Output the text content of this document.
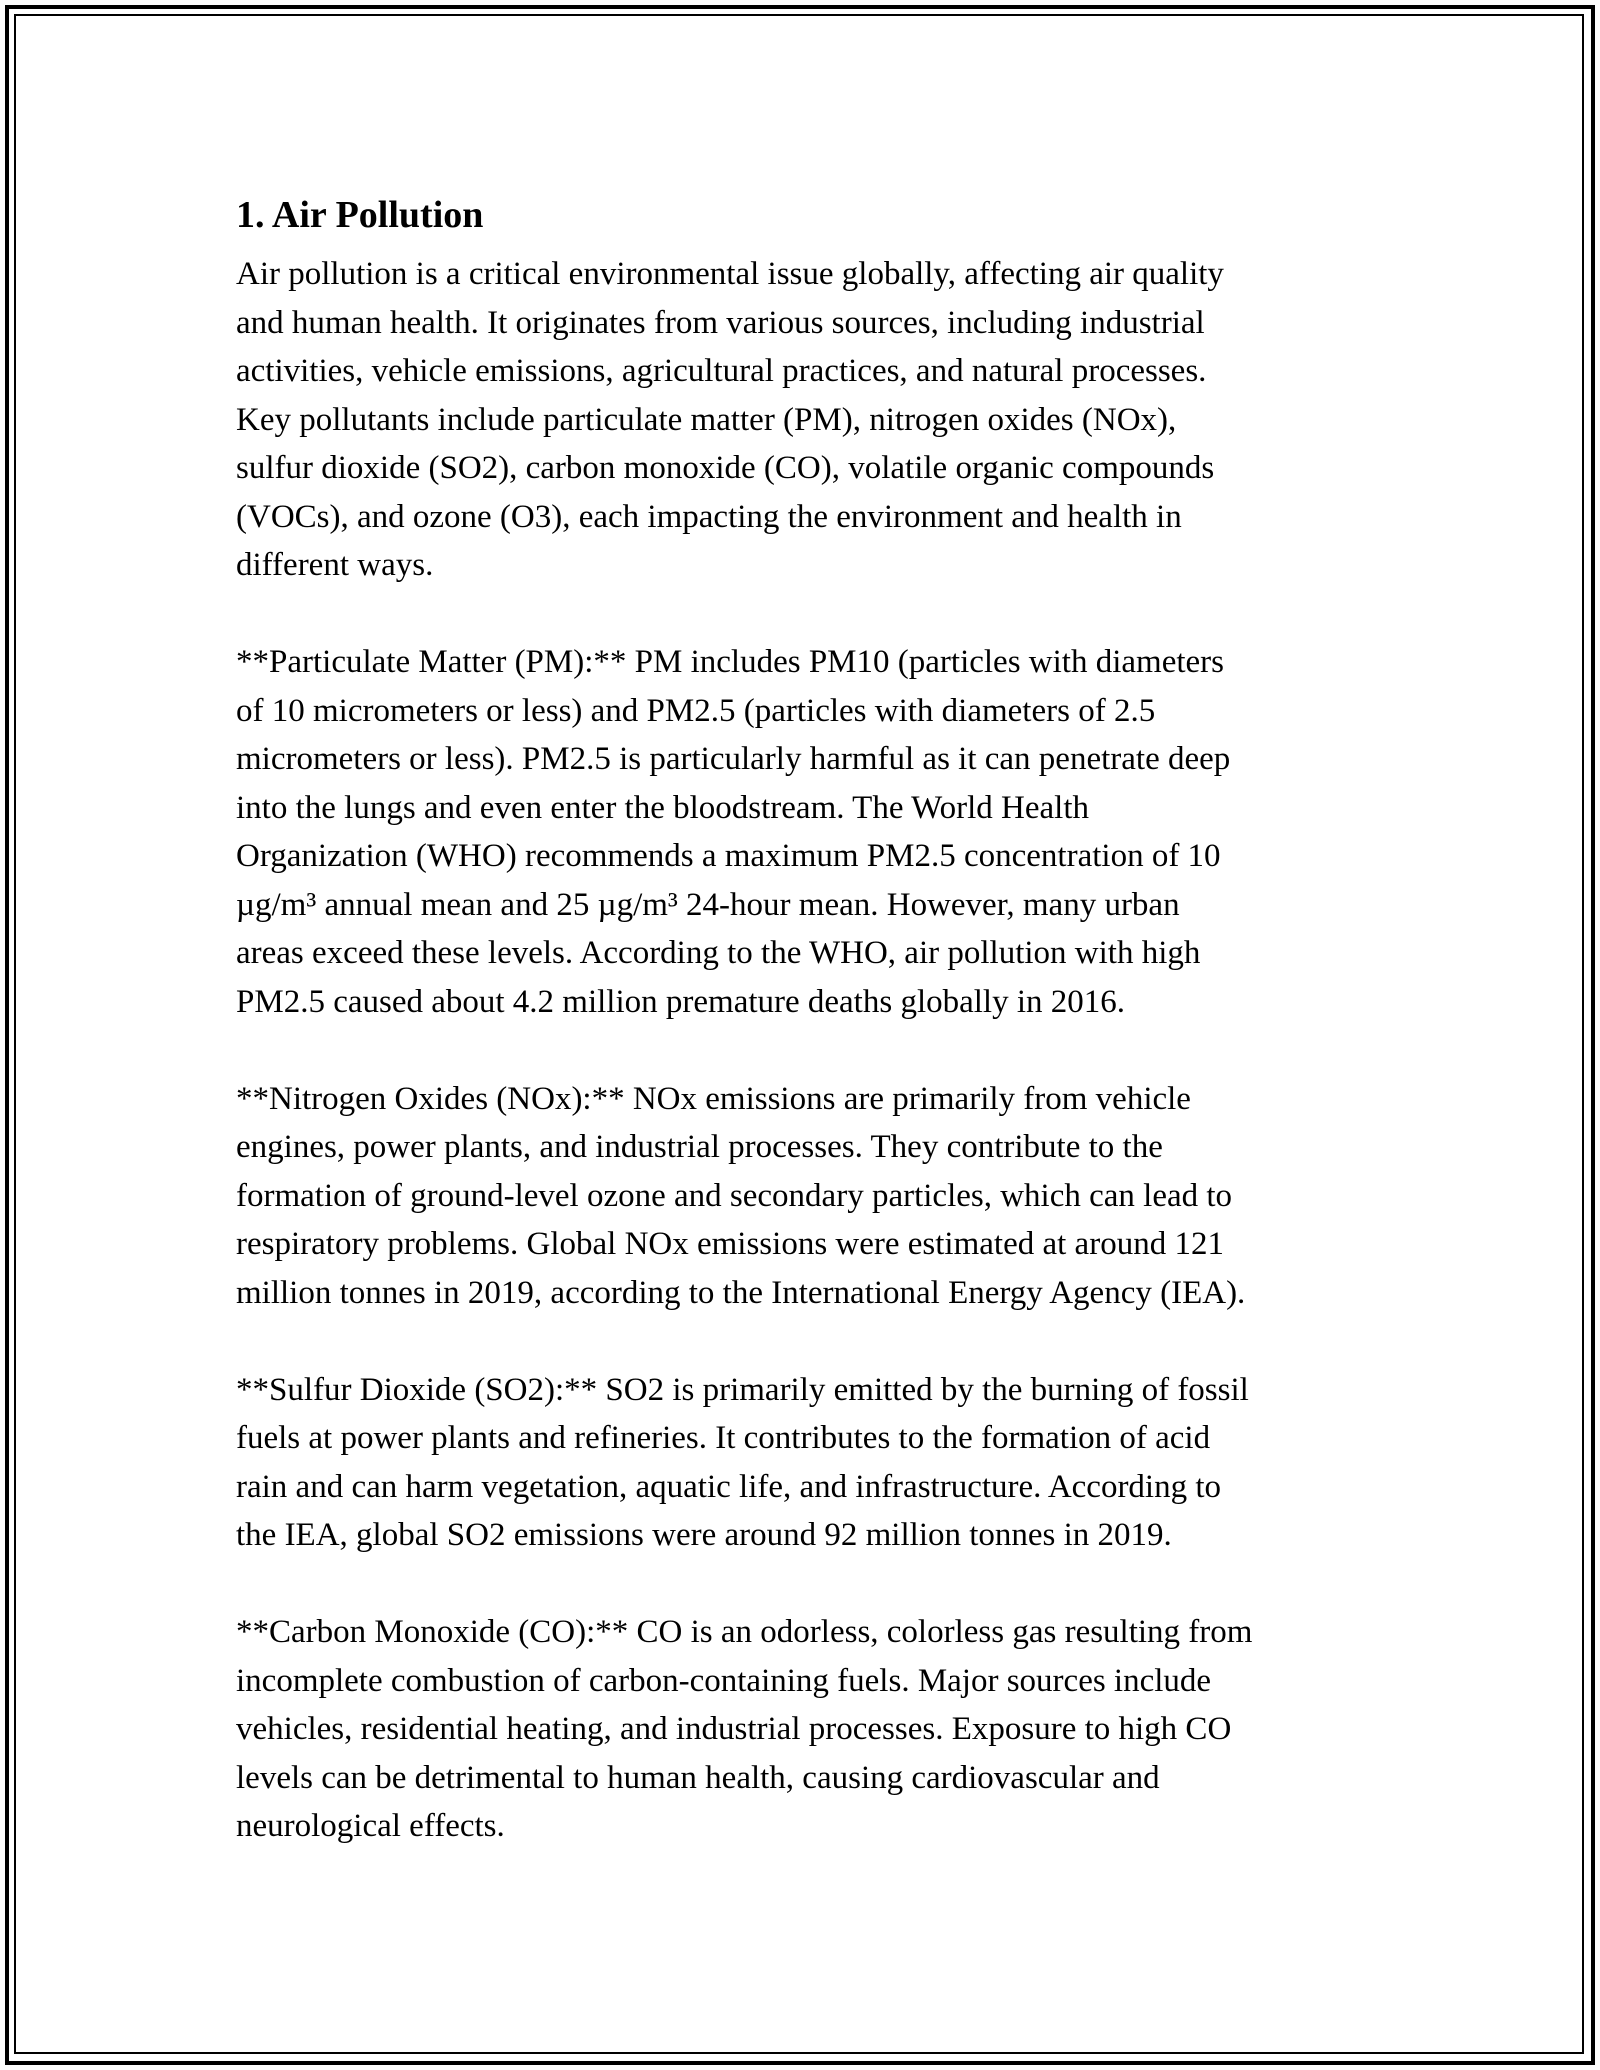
1. Air Pollution

Air pollution is a critical environmental issue globally, affecting air quality
and human health. It originates from various sources, including industrial
activities, vehicle emissions, agricultural practices, and natural processes.
Key pollutants include particulate matter (PM), nitrogen oxides (NOx),
sulfur dioxide (SO2), carbon monoxide (CO), volatile organic compounds
(VOCs), and ozone (O3), each impacting the environment and health in
different ways.

**Particulate Matter (PM):** PM includes PM10 (particles with diameters
of 10 micrometers or less) and PM2.5 (particles with diameters of 2.5
micrometers or less). PM2.5 is particularly harmful as it can penetrate deep
into the lungs and even enter the bloodstream. The World Health
Organization (WHO) recommends a maximum PM2.5 concentration of 10
µg/m³ annual mean and 25 µg/m³ 24-hour mean. However, many urban
areas exceed these levels. According to the WHO, air pollution with high
PM2.5 caused about 4.2 million premature deaths globally in 2016.

**Nitrogen Oxides (NOx):** NOx emissions are primarily from vehicle
engines, power plants, and industrial processes. They contribute to the
formation of ground-level ozone and secondary particles, which can lead to
respiratory problems. Global NOx emissions were estimated at around 121
million tonnes in 2019, according to the International Energy Agency (IEA).

**Sulfur Dioxide (SO2):** SO2 is primarily emitted by the burning of fossil
fuels at power plants and refineries. It contributes to the formation of acid
rain and can harm vegetation, aquatic life, and infrastructure. According to
the IEA, global SO2 emissions were around 92 million tonnes in 2019.

**Carbon Monoxide (CO):** CO is an odorless, colorless gas resulting from
incomplete combustion of carbon-containing fuels. Major sources include
vehicles, residential heating, and industrial processes. Exposure to high CO
levels can be detrimental to human health, causing cardiovascular and
neurological effects.
